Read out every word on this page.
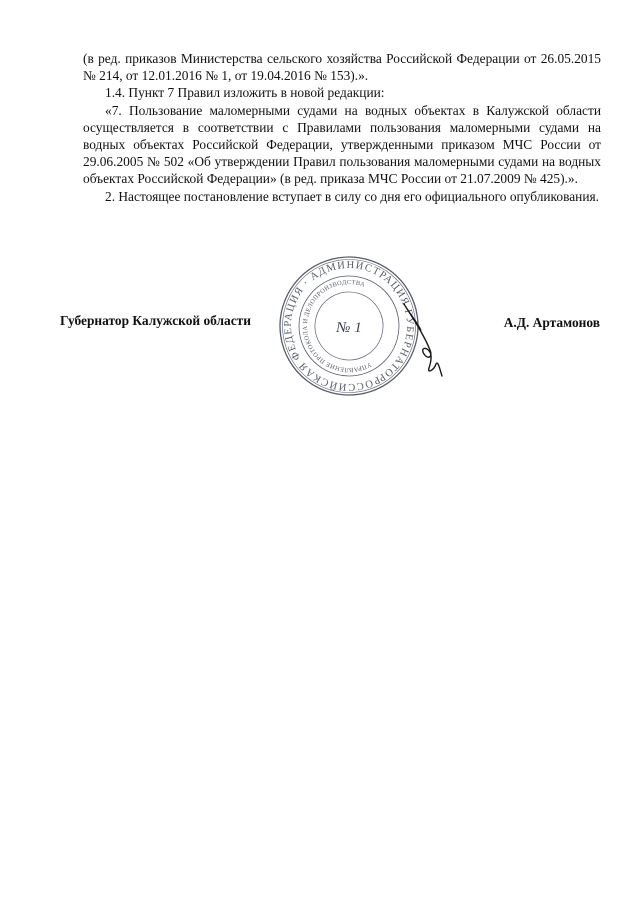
(в ред. приказов Министерства сельского хозяйства Российской Федерации от 26.05.2015 № 214, от 12.01.2016 № 1, от 19.04.2016 № 153).».

1.4. Пункт 7 Правил изложить в новой редакции:

«7. Пользование маломерными судами на водных объектах в Калужской области осуществляется в соответствии с Правилами пользования маломерными судами на водных объектах Российской Федерации, утвержденными приказом МЧС России от 29.06.2005 № 502 «Об утверждении Правил пользования маломерными судами на водных объектах Российской Федерации» (в ред. приказа МЧС России от 21.07.2009 № 425).».

2. Настоящее постановление вступает в силу со дня его официального опубликования.

Губернатор Калужской области	А.Д. Артамонов
РОССИЙСКАЯ ФЕДЕРАЦИЯ · АДМИНИСТРАЦИЯ ГУБЕРНАТОРА
УПРАВЛЕНИЕ ПРОТОКОЛА И ДЕЛОПРОИЗВОДСТВА
№ 1
